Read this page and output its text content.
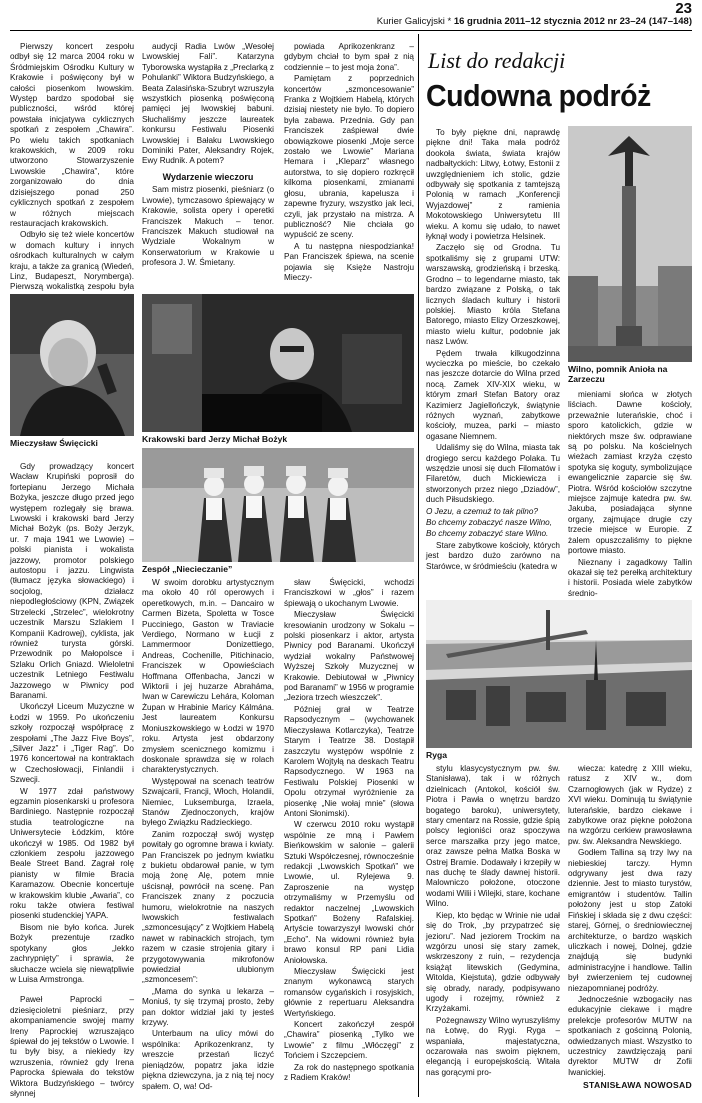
23
Kurier Galicyjski * 16 grudnia 2011–12 stycznia 2012 nr 23–24 (147–148)

Pierwszy koncert zespołu odbył się 12 marca 2004 roku w Śródmiejskim Ośrodku Kultury w Krakowie i poświęcony był w całości piosenkom lwowskim. Występ bardzo spodobał się publiczności, wśród której powstała inicjatywa cyklicznych spotkań z zespołem „Chawira”. Po wielu takich spotkaniach krakowskich, w 2009 roku utworzono Stowarzyszenie Lwowskie „Chawira”, które zorganizowało do dnia dzisiejszego ponad 250 cyklicznych spotkań z zespołem w różnych miejscach restauracjach krakowskich.

Odbyło się też wiele koncertów w domach kultury i innych ośrodkach kulturalnych w całym kraju, a także za granicą (Wiedeń, Linz, Budapeszt, Norymberga). Pierwszą wokalistką zespołu była

Mieczysław Święcicki

Gdy prowadzący koncert Wacław Krupiński poprosił do fortepianu Jerzego Michała Bożyka, jeszcze długo przed jego występem rozlegały się brawa. Lwowski i krakowski bard Jerzy Michał Bożyk (ps. Boży Jerzyk, ur. 7 maja 1941 we Lwowie) – polski pianista i wokalista jazzowy, promotor polskiego autostopu i jazzu. Lingwista (tłumacz języka słowackiego) i socjolog, działacz niepodległościowy (KPN, Związek Strzelecki „Strzelec”, wielokrotny uczestnik Marszu Szlakiem I Kompanii Kadrowej), cyklista, jak również turysta górski. Przewodnik po Małopolsce i Szlaku Orlich Gniazd. Wieloletni uczestnik Letniego Festiwalu Jazzowego w Piwnicy pod Baranami.

Ukończył Liceum Muzyczne w Łodzi w 1959. Po ukończeniu szkoły rozpoczął współpracę z zespołami „The Jazz Five Boys”, „Silver Jazz” i „Tiger Rag”. Do 1976 koncertował na kontraktach w Czechosłowacji, Finlandii i Szwecji.

W 1977 zdał państwowy egzamin piosenkarski u profesora Bardiniego. Następnie rozpoczął studia teatrologiczne na Uniwersytecie Łódzkim, które ukończył w 1985. Od 1982 był członkiem zespołu jazzowego Beale Street Band. Zagrał rolę pianisty w filmie Bracia Karamazow. Obecnie koncertuje w krakowskim klubie „Awaria”, co roku także otwiera festiwal piosenki studenckiej YAPA.

Bisom nie było końca. Jurek Bożyk prezentuje rzadko spotykany głos „lekko zachrypnięty” i sprawia, że słuchacze wciela się niewątpliwie w Luisa Armstronga.

Paweł Paprocki – dziesięcioletni pieśniarz, przy akompaniamencie swojej mamy Ireny Paprockiej wzruszająco śpiewał do jej tekstów o Lwowie. I tu były bisy, a niekiedy łzy wzruszenia, również gdy Irena Paprocka śpiewała do tekstów Wiktora Budzyńskiego – twórcy słynnej

audycji Radia Lwów „Wesołej Lwowskiej Fali”. Katarzyna Tyborowska wystąpiła z „Preclarką z Pohulanki” Wiktora Budzyńskiego, a Beata Zalasińska-Szubryt wzruszyła wszystkich piosenką poświęconą pamięci jej lwowskiej babuni. Słuchaliśmy jeszcze laureatek konkursu Festiwalu Piosenki Lwowskiej i Bałaku Lwowskiego Dominiki Pater, Aleksandry Rojek, Ewy Rudnik. A potem?

Wydarzenie wieczoru

Sam mistrz piosenki, pieśniarz (o Lwowie), tymczasowo śpiewający w Krakowie, solista opery i operetki Franciszek Makuch – tenor. Franciszek Makuch studiował na Wydziale Wokalnym w Konserwatorium w Krakowie u profesora J. W. Śmietany.

powiada Aprikozenkranz – gdybym chciał to bym spał z nią codziennie – to jest moja żona”.

Pamiętam z poprzednich koncertów „szmoncesowanie” Franka z Wojtkiem Habelą, których dzisiaj niestety nie było. To dopiero była zabawa. Przednia. Gdy pan Franciszek zaśpiewał dwie obowiązkowe piosenki „Moje serce zostało we Lwowie” Mariana Hemara i „Kleparz” własnego autorstwa, to się dopiero rozkręcił kilkoma piosenkami, zmianami głosu, ubrania, kapelusza i zapewne fryzury, wszystko jak leci, czyli, jak przystało na mistrza. A publiczność? Nie chciała go wypuścić ze sceny.

A tu następna niespodzianka! Pan Franciszek śpiewa, na scenie pojawia się Księże Nastroju Mieczy-

Krakowski bard Jerzy Michał Bożyk
Zespół „Niecieczanie”

W swoim dorobku artystycznym ma około 40 ról operowych i operetkowych, m.in. – Dancairo w Carmen Bizeta, Spoletta w Tosce Pucciniego, Gaston w Traviacie Verdiego, Normano w Łucji z Lammermoor Donizettiego, Andreas, Cochenille, Pitichinacio, Franciszek w Opowieściach Hoffmana Offenbacha, Janczi w Wiktorii i jej huzarze Abraháma, Iwan w Carewiczu Lehára, Koloman Żupan w Hrabinie Maricy Kálmána. Jest laureatem Konkursu Moniuszkowskiego w Łodzi w 1970 roku. Artysta jest obdarzony zmysłem scenicznego komizmu i doskonale sprawdza się w rolach charakterystycznych.

Występował na scenach teatrów Szwajcarii, Francji, Włoch, Holandii, Niemiec, Luksemburga, Izraela, Stanów Zjednoczonych, krajów byłego Związku Radzieckiego.

Zanim rozpoczął swój występ powitały go ogromne brawa i kwiaty. Pan Franciszek po jednym kwiatku z bukietu obdarował panie, w tym moją żonę Alę, potem mnie uścisnął, powrócił na scenę. Pan Franciszek znany z poczucia humoru, wielokrotnie na naszych lwowskich festiwalach „szmoncesujący” z Wojtkiem Habelą nawet w rabinackich strojach, tym razem w czasie strojenia gitary i przygotowywania mikrofonów powiedział ulubionym „szmoncesem”:

„Mama do synka u lekarza – Moniuś, ty się trzymaj prosto, żeby pan doktor widział jaki ty jesteś krzywy.

Unterbaum na ulicy mówi do wspólnika: Aprikozenkranz, ty wreszcie przestań liczyć pieniądzów, popatrz jaka idzie piękna dziewczyna, ja z nią tej nocy spałem. O, wa! Od-

sław Święcicki, wchodzi Franciszkowi w „głos” i razem śpiewają o ukochanym Lwowie.

Mieczysław Święcicki kresowianin urodzony w Sokalu – polski piosenkarz i aktor, artysta Piwnicy pod Baranami. Ukończył wydział wokalny Państwowej Wyższej Szkoły Muzycznej w Krakowie. Debiutował w „Piwnicy pod Baranami” w 1956 w programie „Jeziora trzech wieszczek”.

Później grał w Teatrze Rapsodycznym – (wychowanek Mieczysława Kotlarczyka), Teatrze Starym i Teatrze 38. Dostąpił zaszczytu występów wspólnie z Karolem Wojtyłą na deskach Teatru Rapsodycznego. W 1963 na Festiwalu Polskiej Piosenki w Opolu otrzymał wyróżnienie za piosenkę „Nie wołaj mnie” (słowa Antoni Słonimski).

W czerwcu 2010 roku wystąpił wspólnie ze mną i Pawłem Bieńkowskim w salonie – galerii Sztuki Współczesnej, równocześnie redakcji „Lwowskich Spotkań” we Lwowie, ul. Rylejewa 9. Zaproszenie na występ otrzymaliśmy w Przemyślu od redaktor naczelnej „Lwowskich Spotkań” Bożeny Rafalskiej. Artyście towarzyszył lwowski chór „Echo”. Na widowni również była brawo konsul RP pani Lidia Aniołowska.

Mieczysław Święcicki jest znanym wykonawcą starych romansów cygańskich i rosyjskich, głównie z repertuaru Aleksandra Wertyńskiego.

Koncert zakończył zespół „Chawira” piosenką „Tylko we Lwowie” z filmu „Włóczęgi” z Tońciem i Szczepciem.

Za rok do następnego spotkania z Radiem Kraków!

List do redakcji
Cudowna podróż

To były piękne dni, naprawdę piękne dni! Taka mała podróż dookoła świata, świata krajów nadbałtyckich: Litwy, Łotwy, Estonii z uwzględnieniem ich stolic, gdzie odbywały się spotkania z tamtejszą Polonią w ramach „Konferencji Wyjazdowej” z ramienia Mokotowskiego Uniwersytetu III wieku. A komu się udało, to nawet łyknął wody i powietrza Helsinek.

Zaczęło się od Grodna. Tu spotkaliśmy się z grupami UTW: warszawską, grodzieńską i brzeską. Grodno – to legendarne miasto, tak bardzo związane z Polską, o tak licznych śladach kultury i historii polskiej. Miasto króla Stefana Batorego, miasto Elizy Orzeszkowej, miasto wielu kultur, podobnie jak nasz Lwów.

Pędem trwała kilkugodzinna wycieczka po mieście, bo czekało nas jeszcze dotarcie do Wilna przed nocą. Zamek XIV-XIX wieku, w którym zmarł Stefan Batory oraz Kazimierz Jagiellończyk, świątynie różnych wyznań, zabytkowe kościoły, muzea, parki – miasto ogasane Niemnem.

Udaliśmy się do Wilna, miasta tak drogiego sercu każdego Polaka. Tu wszędzie unosi się duch Filomatów i Filaretów, duch Mickiewicza i stworzonych przez niego „Dziadów”, duch Piłsudskiego.

O Jezu, a czemuż to tak pilno?

Bo chcemy zobaczyć nasze Wilno,

Bo chcemy zobaczyć stare Wilno.

Stare zabytkowe kościoły, których jest bardzo dużo zarówno na Starówce, w śródmieściu (katedra w

Wilno, pomnik Anioła na Zarzeczu

mieniami słońca w złotych liściach. Dawne kościoły, przeważnie luterańskie, choć i sporo katolickich, gdzie w niektórych msze św. odprawiane są po polsku. Na kościelnych wieżach zamiast krzyża często spotyka się koguty, symbolizujące ewangelicznie zaparcie się św. Piotra. Wśród kościołów szczytne miejsce zajmuje katedra pw. św. Jakuba, posiadająca słynne organy, zajmujące drugie czy trzecie miejsce w Europie. Z żalem opuszczaliśmy to piękne portowe miasto.

Nieznany i zagadkowy Tallin okazał się też perełką architektury i historii. Posiada wiele zabytków średnio-

Ryga

stylu klasycystycznym pw. św. Stanisława), tak i w różnych dzielnicach (Antokol, kościół św. Piotra i Pawła o wnętrzu bardzo bogatego baroku), uniwersytety, stary cmentarz na Rossie, gdzie śpią polscy legioniści oraz spoczywa serce marszałka przy jego matce, oraz zawsze pełna Matka Boska w Ostrej Bramie. Dodawały i krzepiły w nas duchę te ślady dawnej historii. Malowniczo położone, otoczone wodami Wilii i Wilejki, stare, kochane Wilno.

Kiep, kto będąc w Wrinie nie udał się do Trok, „by przypatrzeć się jezioru”. Nad jeziorem Trockim na wzgórzu unosi się stary zamek, wskrzeszony z ruin, – rezydencja książąt litewskich (Gedymina, Witolda, Kiejstuta), gdzie odbywały się obrady, narady, podpisywano ugody i rozejmy, również z Krzyżakami.

Pożegnawszy Wilno wyruszyliśmy na Łotwę, do Rygi. Ryga – wspaniała, majestatyczna, oczarowała nas swoim pięknem, elegancją i europejskością. Witała nas gorącymi pro-

wiecza: katedrę z XIII wieku, ratusz z XIV w., dom Czarnogłowych (jak w Rydze) z XVI wieku. Dominują tu świątynie luterańskie, bardzo ciekawe i zabytkowe oraz piękne położona na wzgórzu cerkiew prawosławna pw. św. Aleksandra Newskiego.

Godłem Tallina są trzy lwy na niebieskiej tarczy. Hymn odgrywany jest dwa razy dziennie. Jest to miasto turystów, emigrantów i studentów. Tallin położony jest u stop Zatoki Fińskiej i składa się z dwu części: starej, Górnej, o średniowiecznej architekturze, o bardzo wąskich uliczkach i nowej, Dolnej, gdzie znajdują się budynki administracyjne i handlowe. Tallin był zwierzeniem tej cudownej niezapomnianej podróży.

Jednocześnie wzbogaciły nas edukacyjnie ciekawe i mądre prelekcje profesorów MUTW na spotkaniach z gościnną Polonią, odwiedzanych miast. Wszystko to uczestnicy zawdzięczają pani dyrektor MUTW dr Zofii Iwanickiej.

STANISŁAWA NOWOSAD
